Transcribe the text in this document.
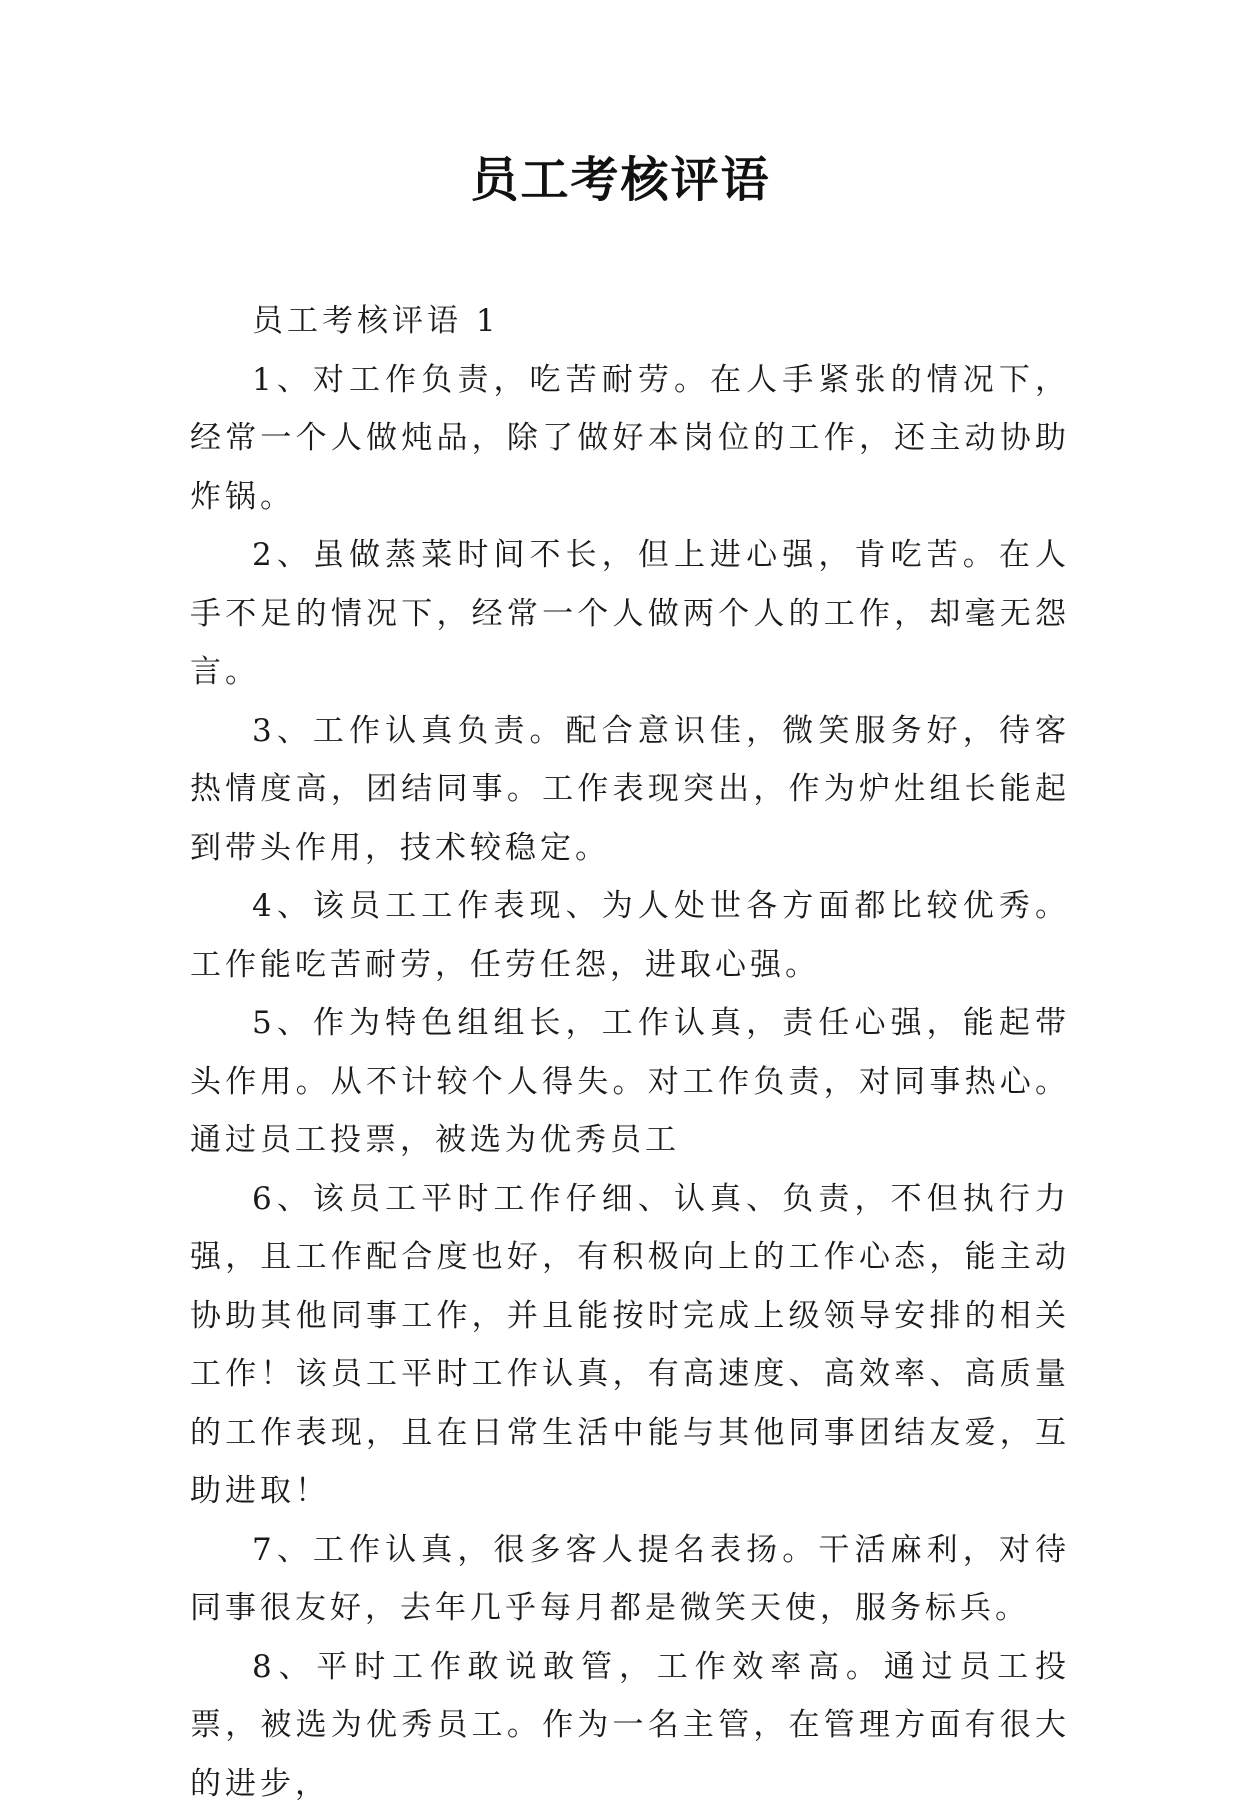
员工考核评语

员工考核评语 1

1、对工作负责，吃苦耐劳。在人手紧张的情况下，经常一个人做炖品，除了做好本岗位的工作，还主动协助炸锅。

2、虽做蒸菜时间不长，但上进心强，肯吃苦。在人手不足的情况下，经常一个人做两个人的工作，却毫无怨言。

3、工作认真负责。配合意识佳，微笑服务好，待客热情度高，团结同事。工作表现突出，作为炉灶组长能起到带头作用，技术较稳定。

4、该员工工作表现、为人处世各方面都比较优秀。工作能吃苦耐劳，任劳任怨，进取心强。

5、作为特色组组长，工作认真，责任心强，能起带头作用。从不计较个人得失。对工作负责，对同事热心。通过员工投票，被选为优秀员工

6、该员工平时工作仔细、认真、负责，不但执行力强，且工作配合度也好，有积极向上的工作心态，能主动协助其他同事工作，并且能按时完成上级领导安排的相关工作！该员工平时工作认真，有高速度、高效率、高质量的工作表现，且在日常生活中能与其他同事团结友爱，互助进取！

7、工作认真，很多客人提名表扬。干活麻利，对待同事很友好，去年几乎每月都是微笑天使，服务标兵。

8、平时工作敢说敢管，工作效率高。通过员工投票，被选为优秀员工。作为一名主管，在管理方面有很大的进步，
